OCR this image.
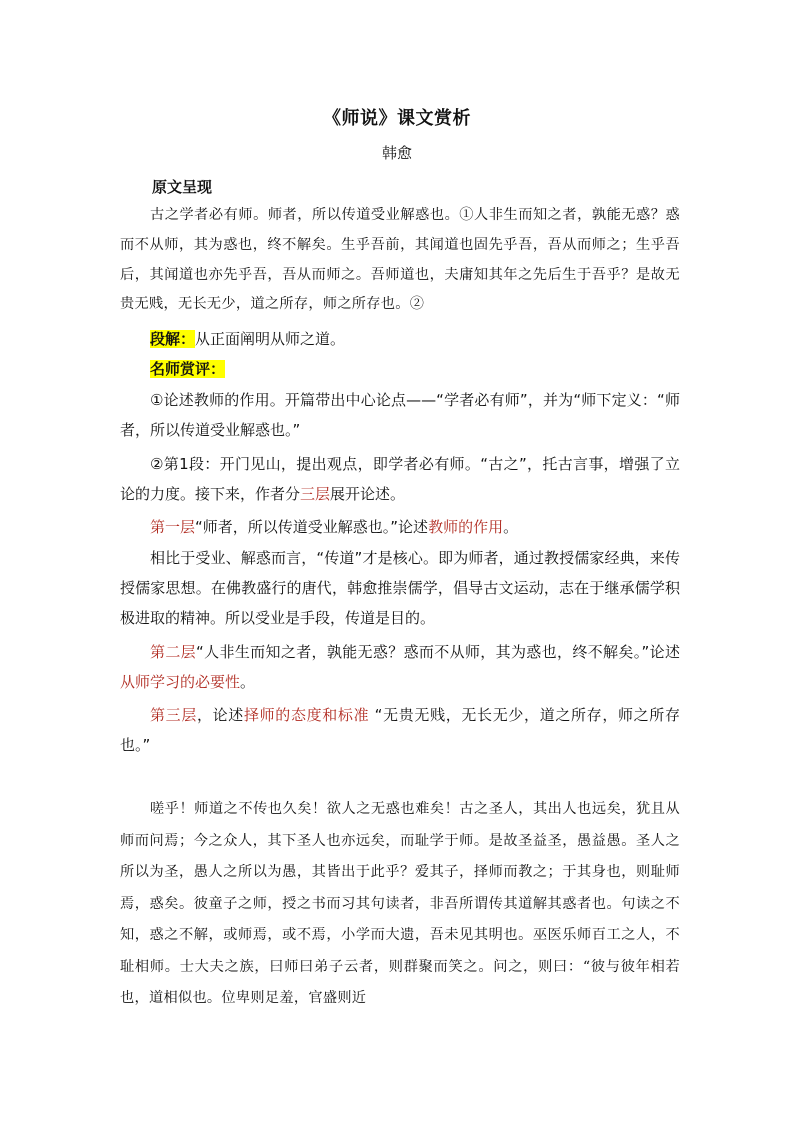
《师说》课文赏析
韩愈
原文呈现

古之学者必有师。师者，所以传道受业解惑也。①人非生而知之者，孰能无惑？惑而不从师，其为惑也，终不解矣。生乎吾前，其闻道也固先乎吾，吾从而师之；生乎吾后，其闻道也亦先乎吾，吾从而师之。吾师道也，夫庸知其年之先后生于吾乎？是故无贵无贱，无长无少，道之所存，师之所存也。②

段解：从正面阐明从师之道。

名师赏评：

①论述教师的作用。开篇带出中心论点——“学者必有师”，并为“师下定义：“师者，所以传道受业解惑也。”

②第1段：开门见山，提出观点，即学者必有师。“古之”，托古言事，增强了立论的力度。接下来，作者分三层展开论述。

第一层“师者，所以传道受业解惑也。”论述教师的作用。

相比于受业、解惑而言，“传道”才是核心。即为师者，通过教授儒家经典，来传授儒家思想。在佛教盛行的唐代，韩愈推崇儒学，倡导古文运动，志在于继承儒学积极进取的精神。所以受业是手段，传道是目的。

第二层“人非生而知之者，孰能无惑？惑而不从师，其为惑也，终不解矣。”论述从师学习的必要性。

第三层，论述择师的态度和标准 “无贵无贱，无长无少，道之所存，师之所存也。”

嗟乎！师道之不传也久矣！欲人之无惑也难矣！古之圣人，其出人也远矣，犹且从师而问焉；今之众人，其下圣人也亦远矣，而耻学于师。是故圣益圣，愚益愚。圣人之所以为圣，愚人之所以为愚，其皆出于此乎？爱其子，择师而教之；于其身也，则耻师焉，惑矣。彼童子之师，授之书而习其句读者，非吾所谓传其道解其惑者也。句读之不知，惑之不解，或师焉，或不焉，小学而大遗，吾未见其明也。巫医乐师百工之人，不耻相师。士大夫之族，曰师曰弟子云者，则群聚而笑之。问之，则曰：“彼与彼年相若也，道相似也。位卑则足羞，官盛则近
